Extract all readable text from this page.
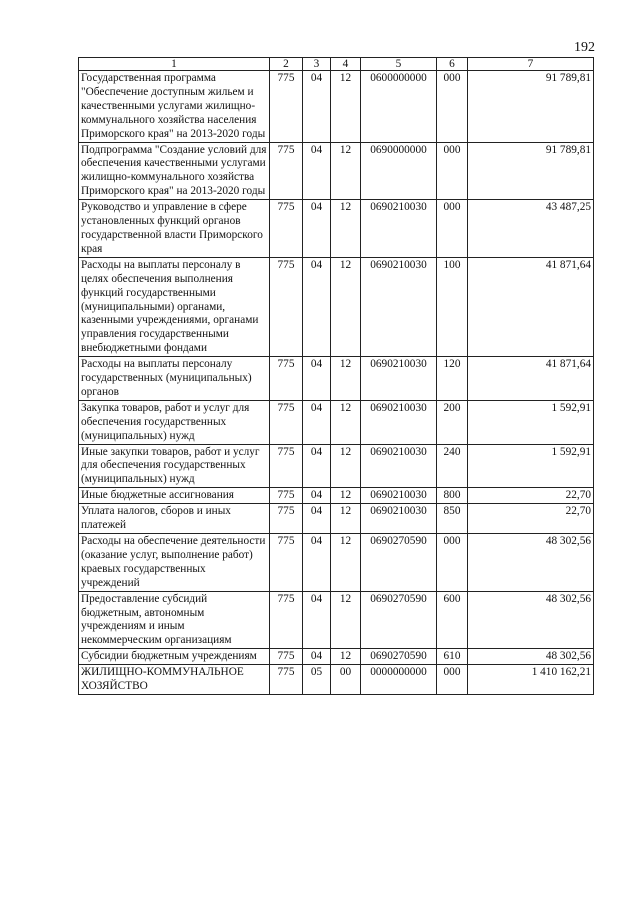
192
1	2	3	4	5	6	7
Государственная программа "Обеспечение доступным жильем и качественными услугами жилищно-коммунального хозяйства населения Приморского края" на 2013-2020 годы	775	04	12	0600000000	000	91 789,81
Подпрограмма "Создание условий для обеспечения качественными услугами жилищно-коммунального хозяйства Приморского края" на 2013-2020 годы	775	04	12	0690000000	000	91 789,81
Руководство и управление в сфере установленных функций органов государственной власти Приморского края	775	04	12	0690210030	000	43 487,25
Расходы на выплаты персоналу в целях обеспечения выполнения функций государственными (муниципальными) органами, казенными учреждениями, органами управления государственными внебюджетными фондами	775	04	12	0690210030	100	41 871,64
Расходы на выплаты персоналу государственных (муниципальных) органов	775	04	12	0690210030	120	41 871,64
Закупка товаров, работ и услуг для обеспечения государственных (муниципальных) нужд	775	04	12	0690210030	200	1 592,91
Иные закупки товаров, работ и услуг для обеспечения государственных (муниципальных) нужд	775	04	12	0690210030	240	1 592,91
Иные бюджетные ассигнования	775	04	12	0690210030	800	22,70
Уплата налогов, сборов и иных платежей	775	04	12	0690210030	850	22,70
Расходы на обеспечение деятельности (оказание услуг, выполнение работ) краевых государственных учреждений	775	04	12	0690270590	000	48 302,56
Предоставление субсидий бюджетным, автономным учреждениям и иным некоммерческим организациям	775	04	12	0690270590	600	48 302,56
Субсидии бюджетным учреждениям	775	04	12	0690270590	610	48 302,56
ЖИЛИЩНО-КОММУНАЛЬНОЕ ХОЗЯЙСТВО	775	05	00	0000000000	000	1 410 162,21
